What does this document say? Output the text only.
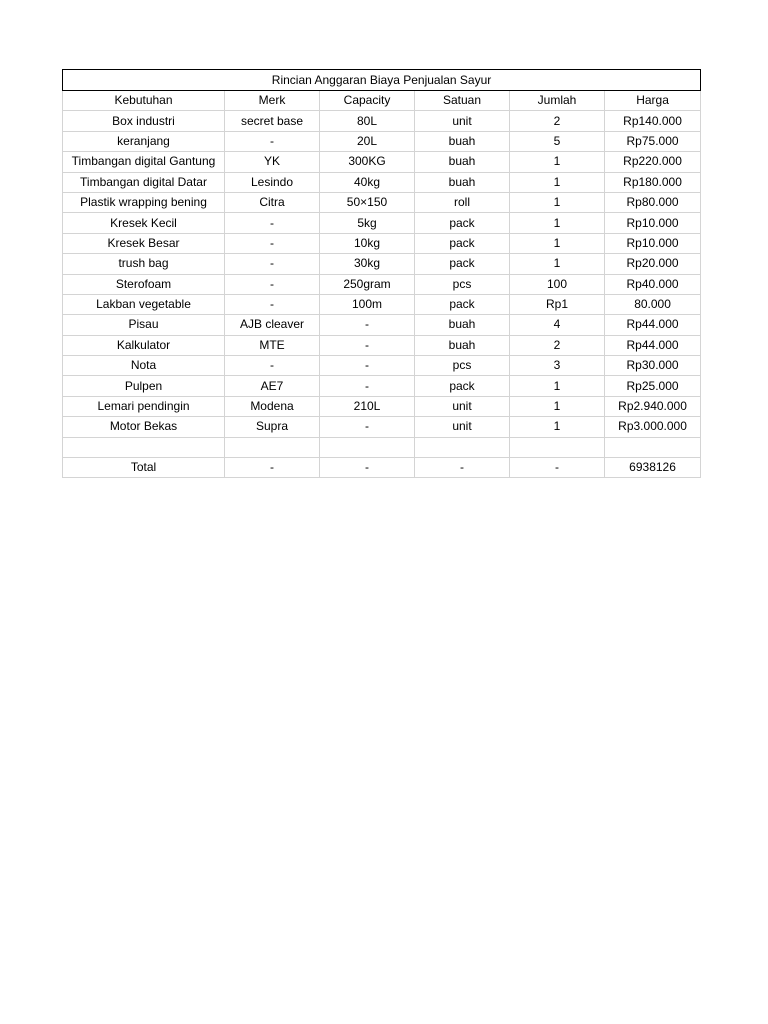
Rincian Anggaran Biaya Penjualan Sayur					
Kebutuhan	Merk	Capacity	Satuan	Jumlah	Harga
Box industri	secret base	80L	unit	2	Rp140.000
keranjang	-	20L	buah	5	Rp75.000
Timbangan digital Gantung	YK	300KG	buah	1	Rp220.000
Timbangan digital Datar	Lesindo	40kg	buah	1	Rp180.000
Plastik wrapping bening	Citra	50×150	roll	1	Rp80.000
Kresek Kecil	-	5kg	pack	1	Rp10.000
Kresek Besar	-	10kg	pack	1	Rp10.000
trush bag	-	30kg	pack	1	Rp20.000
Sterofoam	-	250gram	pcs	100	Rp40.000
Lakban vegetable	-	100m	pack	Rp1	80.000
Pisau	AJB cleaver	-	buah	4	Rp44.000
Kalkulator	MTE	-	buah	2	Rp44.000
Nota	-	-	pcs	3	Rp30.000
Pulpen	AE7	-	pack	1	Rp25.000
Lemari pendingin	Modena	210L	unit	1	Rp2.940.000
Motor Bekas	Supra	-	unit	1	Rp3.000.000

Total	-	-	-	-	6938126
